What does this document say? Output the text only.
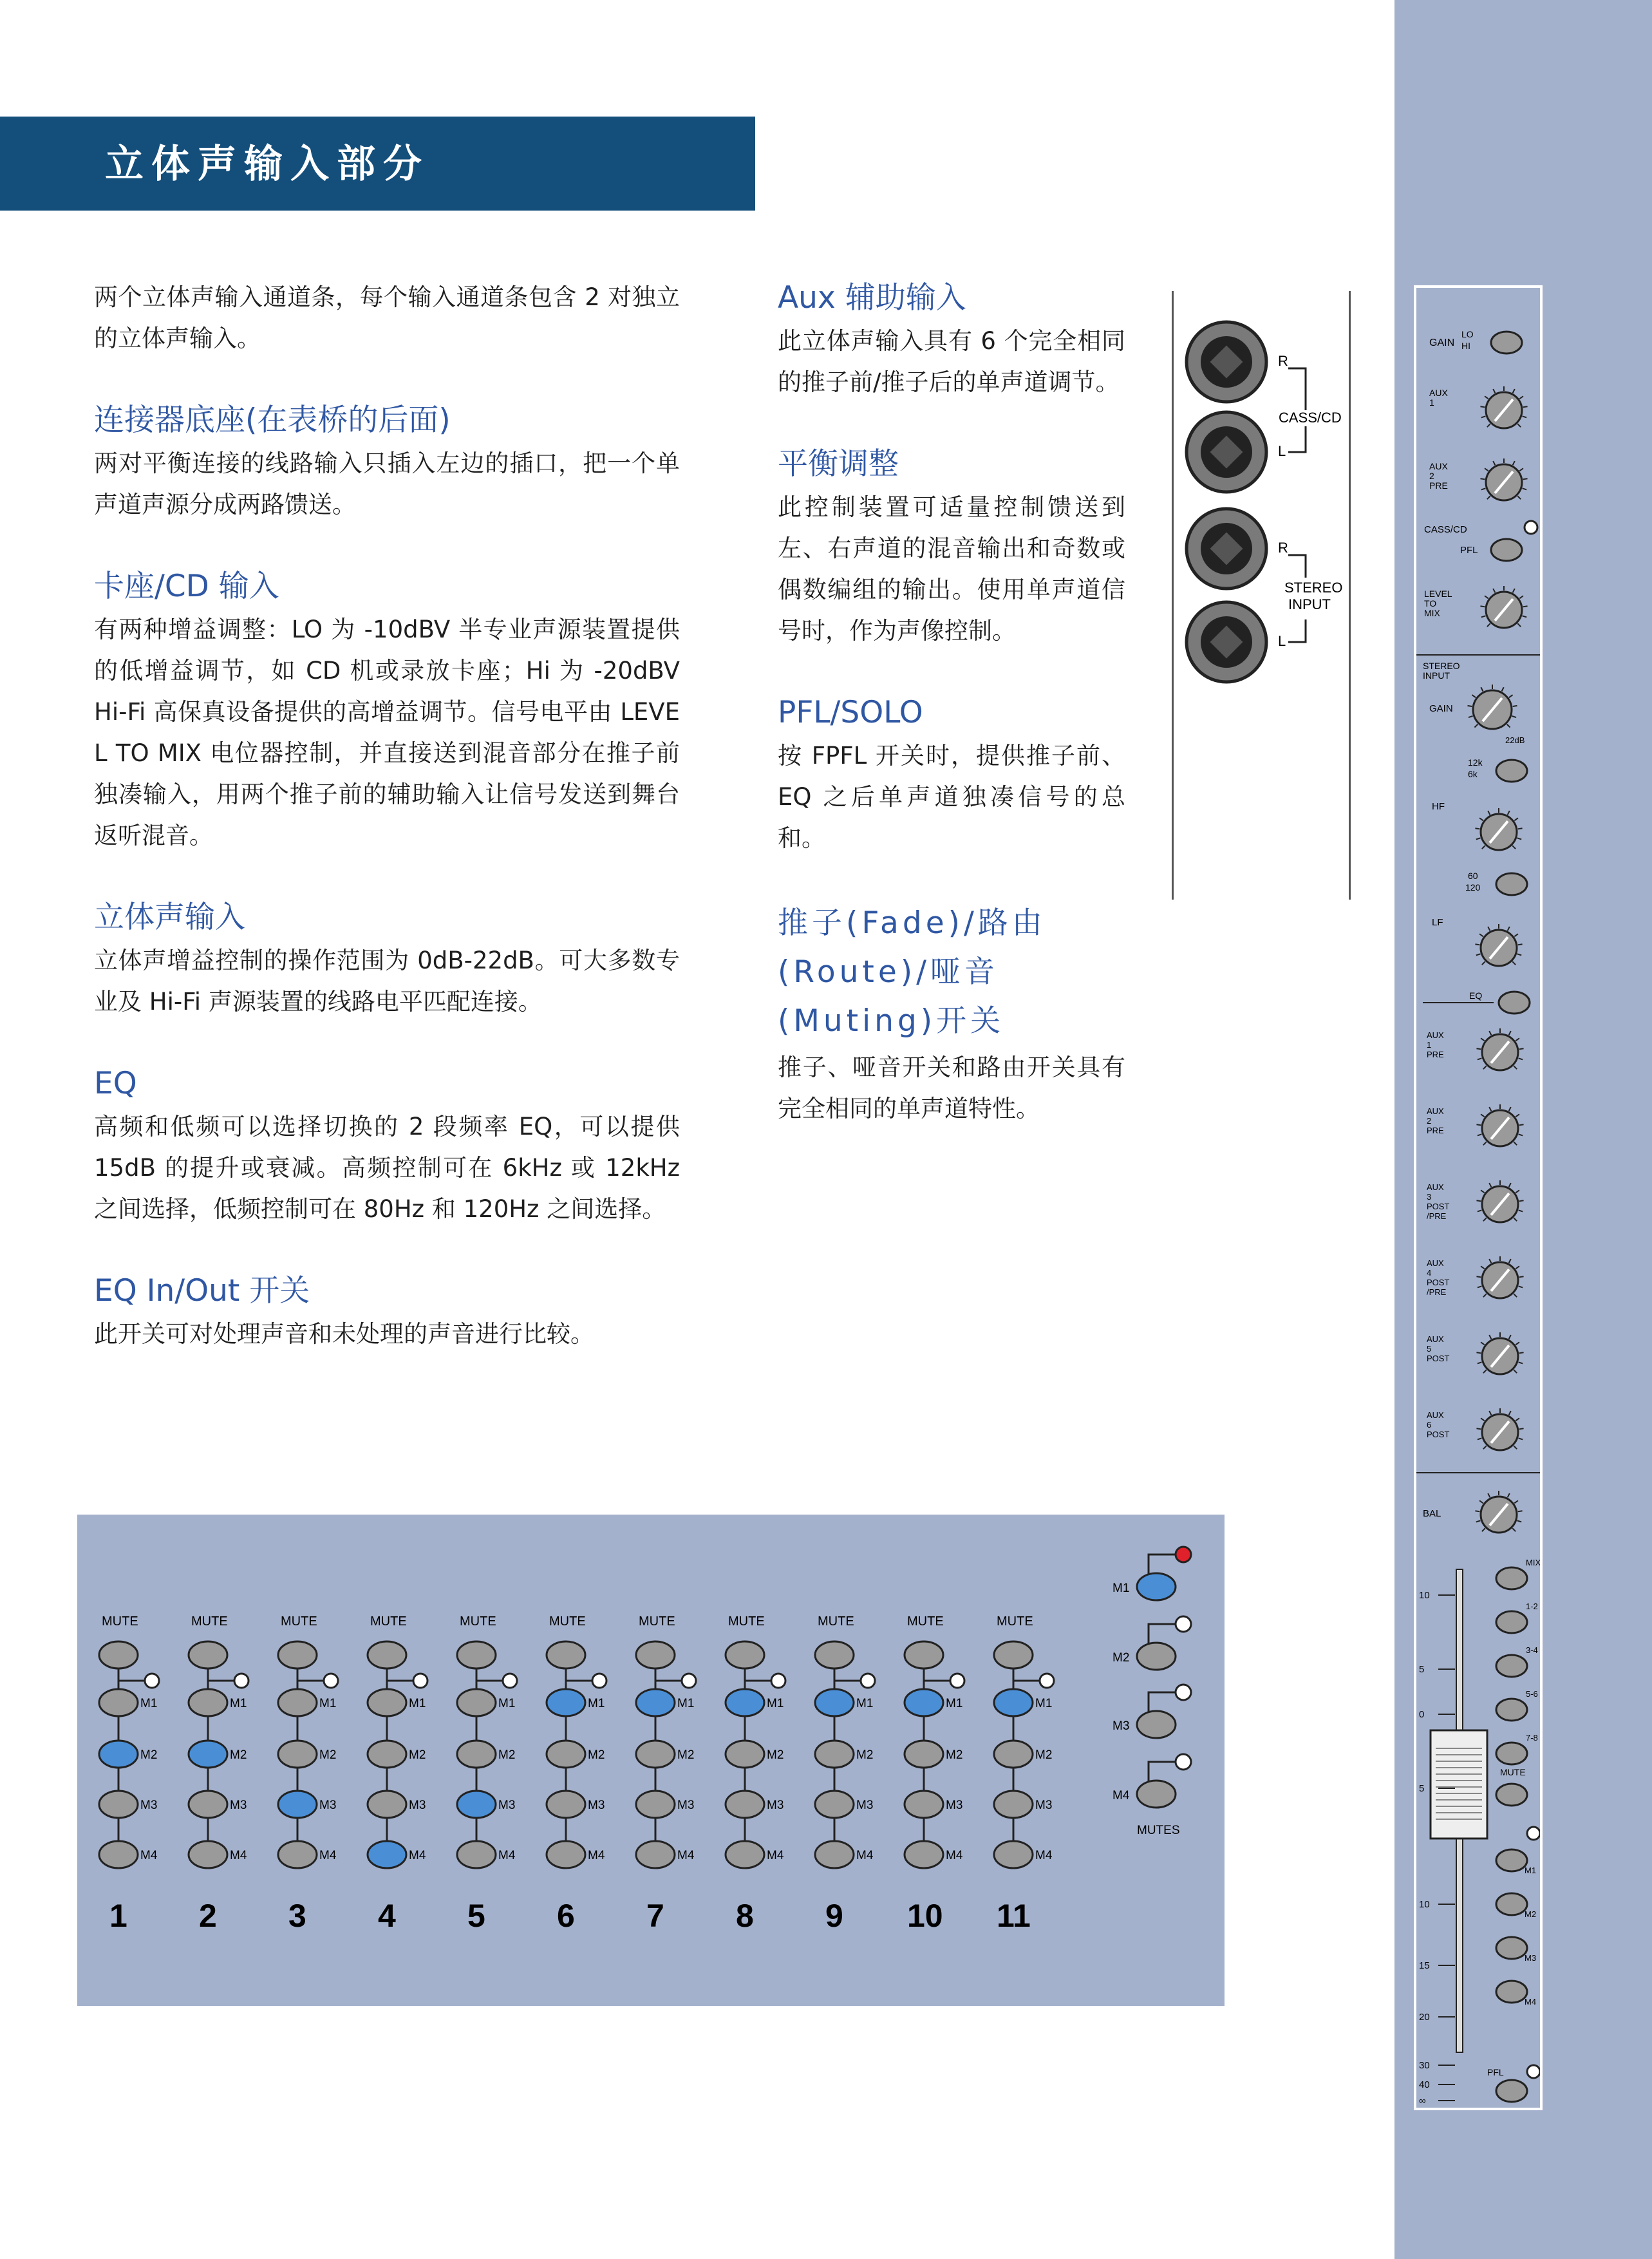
GAIN
LO
HI
AUX
1
AUX
2
PRE
CASS/CD
PFL
LEVEL
TO
MIX
STEREO
INPUT
GAIN
22dB
12k
6k
HF
60
120
LF
EQ
AUX
1
PRE
AUX
2
PRE
AUX
3
POST
/PRE
AUX
4
POST
/PRE
AUX
5
POST
AUX
6
POST
BAL
MIX
1-2
3-4
5-6
7-8
MUTE
M1
M2
M3
M4
10
5
0
5
10
15
20
30
40
∞
PFL
立体声输入部分
两个立体声输入通道条，每个输入通道条包含 2 对独立的立体声输入。
连接器底座(在表桥的后面)
两对平衡连接的线路输入只插入左边的插口，把一个单声道声源分成两路馈送。
卡座/CD 输入
有两种增益调整：LO 为 -10dBV 半专业声源装置提供的低增益调节，如 CD 机或录放卡座；Hi 为 -20dBV Hi-Fi 高保真设备提供的高增益调节。信号电平由 LEVE L TO MIX 电位器控制，并直接送到混音部分在推子前独凑输入，用两个推子前的辅助输入让信号发送到舞台返听混音。
立体声输入
立体声增益控制的操作范围为 0dB-22dB。可大多数专业及 Hi-Fi 声源装置的线路电平匹配连接。
EQ
高频和低频可以选择切换的 2 段频率 EQ，可以提供 15dB 的提升或衰减。高频控制可在 6kHz 或 12kHz 之间选择，低频控制可在 80Hz 和 120Hz 之间选择。
EQ In/Out 开关
此开关可对处理声音和未处理的声音进行比较。
Aux 辅助输入
此立体声输入具有 6 个完全相同的推子前/推子后的单声道调节。
平衡调整
此控制装置可适量控制馈送到左、右声道的混音输出和奇数或偶数编组的输出。使用单声道信号时，作为声像控制。
PFL/SOLO
按 FPFL 开关时，提供推子前、EQ 之后单声道独凑信号的总和。
推子(Fade)/路由(Route)/哑音(Muting)开关
推子、哑音开关和路由开关具有完全相同的单声道特性。
R
L
R
L
CASS/CD
STEREO
INPUT
MUTE
M1
M2
M3
M4
1
MUTE
M1
M2
M3
M4
2
MUTE
M1
M2
M3
M4
3
MUTE
M1
M2
M3
M4
4
MUTE
M1
M2
M3
M4
5
MUTE
M1
M2
M3
M4
6
MUTE
M1
M2
M3
M4
7
MUTE
M1
M2
M3
M4
8
MUTE
M1
M2
M3
M4
9
MUTE
M1
M2
M3
M4
10
MUTE
M1
M2
M3
M4
11
M1
M2
M3
M4
MUTES
